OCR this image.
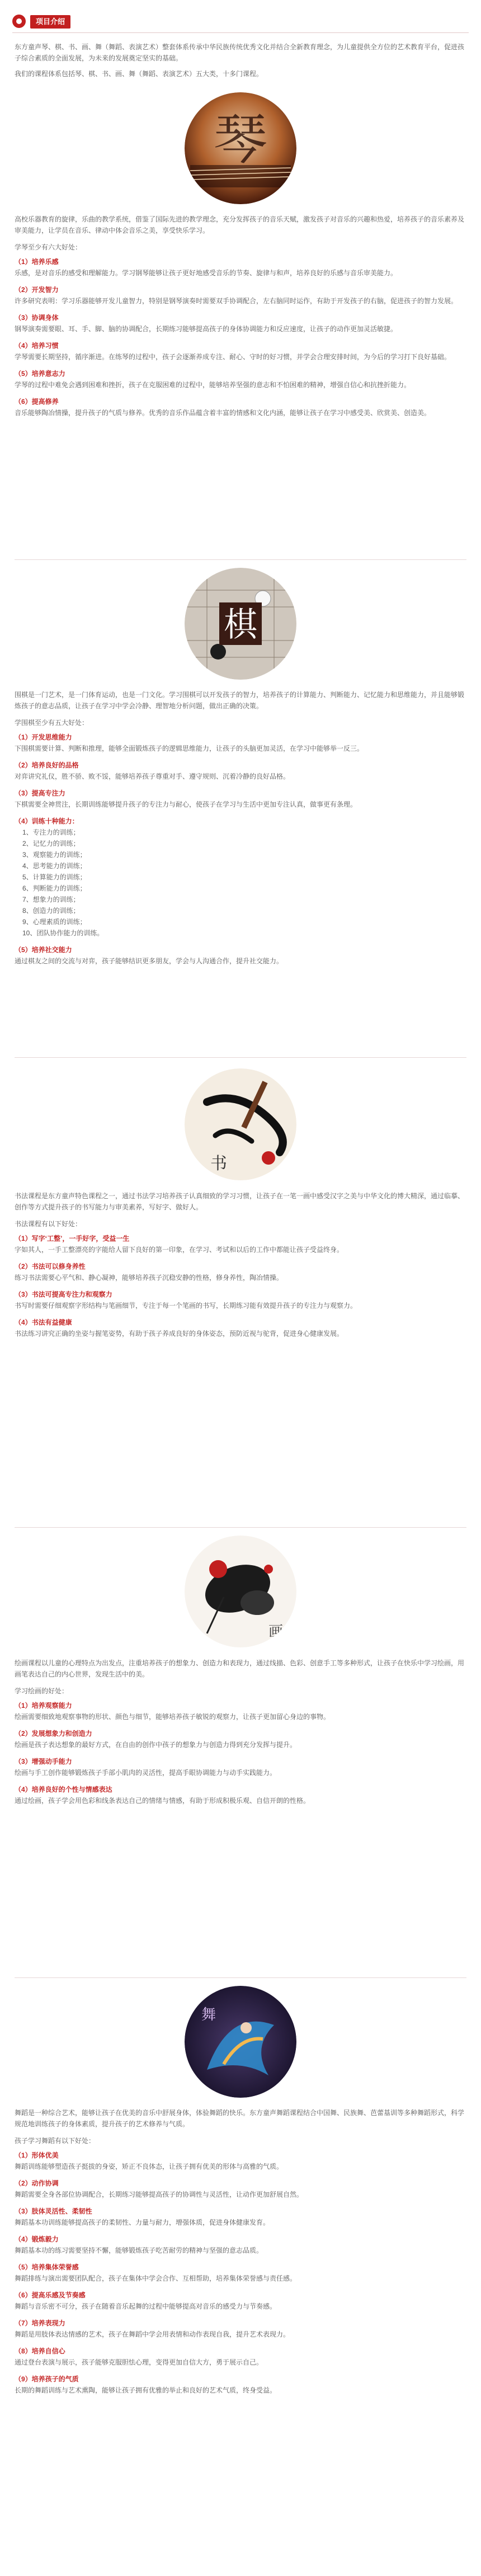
项目介绍

东方童声琴、棋、书、画、舞（舞蹈、表演艺术）整套体系传承中华民族传统优秀文化并结合全新教育理念，为儿童提供全方位的艺术教育平台，促进孩子综合素质的全面发展，为未来的发展奠定坚实的基础。

我们的课程体系包括琴、棋、书、画、舞（舞蹈、表演艺术）五大类，十多门课程。

琴

高校乐器教育的旋律，乐曲的教学系统，借鉴了国际先进的教学理念，充分发挥孩子的音乐天赋，激发孩子对音乐的兴趣和热爱，培养孩子的音乐素养及审美能力，让学员在音乐、律动中体会音乐之美，享受快乐学习。

学琴至少有六大好处：

（1）培养乐感

乐感，是对音乐的感受和理解能力。学习钢琴能够让孩子更好地感受音乐的节奏、旋律与和声，培养良好的乐感与音乐审美能力。

（2）开发智力

许多研究表明：学习乐器能够开发儿童智力，特别是钢琴演奏时需要双手协调配合，左右脑同时运作，有助于开发孩子的右脑，促进孩子的智力发展。

（3）协调身体

钢琴演奏需要眼、耳、手、脚、脑的协调配合，长期练习能够提高孩子的身体协调能力和反应速度，让孩子的动作更加灵活敏捷。

（4）培养习惯

学琴需要长期坚持，循序渐进。在练琴的过程中，孩子会逐渐养成专注、耐心、守时的好习惯，并学会合理安排时间，为今后的学习打下良好基础。

（5）培养意志力

学琴的过程中难免会遇到困难和挫折，孩子在克服困难的过程中，能够培养坚强的意志和不怕困难的精神，增强自信心和抗挫折能力。

（6）提高修养

音乐能够陶冶情操，提升孩子的气质与修养。优秀的音乐作品蕴含着丰富的情感和文化内涵，能够让孩子在学习中感受美、欣赏美、创造美。

棋

围棋是一门艺术，是一门体育运动，也是一门文化。学习围棋可以开发孩子的智力，培养孩子的计算能力、判断能力、记忆能力和思维能力，并且能够锻炼孩子的意志品质，让孩子在学习中学会冷静、理智地分析问题，做出正确的决策。

学围棋至少有五大好处：

（1）开发思维能力

下围棋需要计算、判断和推理，能够全面锻炼孩子的逻辑思维能力，让孩子的头脑更加灵活，在学习中能够举一反三。

（2）培养良好的品格

对弈讲究礼仪，胜不骄、败不馁，能够培养孩子尊重对手、遵守规则、沉着冷静的良好品格。

（3）提高专注力

下棋需要全神贯注，长期训练能够提升孩子的专注力与耐心，使孩子在学习与生活中更加专注认真，做事更有条理。

（4）训练十种能力：

1、专注力的训练；
2、记忆力的训练；
3、观察能力的训练；
4、思考能力的训练；
5、计算能力的训练；
6、判断能力的训练；
7、想象力的训练；
8、创造力的训练；
9、心理素质的训练；
10、团队协作能力的训练。

（5）培养社交能力

通过棋友之间的交流与对弈，孩子能够结识更多朋友，学会与人沟通合作，提升社交能力。

书

书法课程是东方童声特色课程之一，通过书法学习培养孩子认真细致的学习习惯，让孩子在一笔一画中感受汉字之美与中华文化的博大精深，通过临摹、创作等方式提升孩子的书写能力与审美素养，写好字、做好人。

书法课程有以下好处：

（1）写字‘工整’，一手好字，受益一生

字如其人，一手工整漂亮的字能给人留下良好的第一印象，在学习、考试和以后的工作中都能让孩子受益终身。

（2）书法可以修身养性

练习书法需要心平气和、静心凝神，能够培养孩子沉稳安静的性格，修身养性，陶冶情操。

（3）书法可提高专注力和观察力

书写时需要仔细观察字形结构与笔画细节，专注于每一个笔画的书写，长期练习能有效提升孩子的专注力与观察力。

（4）书法有益健康

书法练习讲究正确的坐姿与握笔姿势，有助于孩子养成良好的身体姿态，预防近视与驼背，促进身心健康发展。

画

绘画课程以儿童的心理特点为出发点，注重培养孩子的想象力、创造力和表现力，通过线描、色彩、创意手工等多种形式，让孩子在快乐中学习绘画，用画笔表达自己的内心世界，发现生活中的美。

学习绘画的好处：

（1）培养观察能力

绘画需要细致地观察事物的形状、颜色与细节，能够培养孩子敏锐的观察力，让孩子更加留心身边的事物。

（2）发展想象力和创造力

绘画是孩子表达想象的最好方式，在自由的创作中孩子的想象力与创造力得到充分发挥与提升。

（3）增强动手能力

绘画与手工创作能够锻炼孩子手部小肌肉的灵活性，提高手眼协调能力与动手实践能力。

（4）培养良好的个性与情感表达

通过绘画，孩子学会用色彩和线条表达自己的情绪与情感，有助于形成积极乐观、自信开朗的性格。

舞

舞蹈是一种综合艺术，能够让孩子在优美的音乐中舒展身体，体验舞蹈的快乐。东方童声舞蹈课程结合中国舞、民族舞、芭蕾基训等多种舞蹈形式，科学规范地训练孩子的身体素质，提升孩子的艺术修养与气质。

孩子学习舞蹈有以下好处：

（1）形体优美

舞蹈训练能够塑造孩子挺拔的身姿，矫正不良体态，让孩子拥有优美的形体与高雅的气质。

（2）动作协调

舞蹈需要全身各部位协调配合，长期练习能够提高孩子的协调性与灵活性，让动作更加舒展自然。

（3）肢体灵活性、柔韧性

舞蹈基本功训练能够提高孩子的柔韧性、力量与耐力，增强体质，促进身体健康发育。

（4）锻炼毅力

舞蹈基本功的练习需要坚持不懈，能够锻炼孩子吃苦耐劳的精神与坚强的意志品质。

（5）培养集体荣誉感

舞蹈排练与演出需要团队配合，孩子在集体中学会合作、互相帮助，培养集体荣誉感与责任感。

（6）提高乐感及节奏感

舞蹈与音乐密不可分，孩子在随着音乐起舞的过程中能够提高对音乐的感受力与节奏感。

（7）培养表现力

舞蹈是用肢体表达情感的艺术，孩子在舞蹈中学会用表情和动作表现自我，提升艺术表现力。

（8）培养自信心

通过登台表演与展示，孩子能够克服胆怯心理，变得更加自信大方，勇于展示自己。

（9）培养孩子的气质

长期的舞蹈训练与艺术熏陶，能够让孩子拥有优雅的举止和良好的艺术气质，终身受益。
